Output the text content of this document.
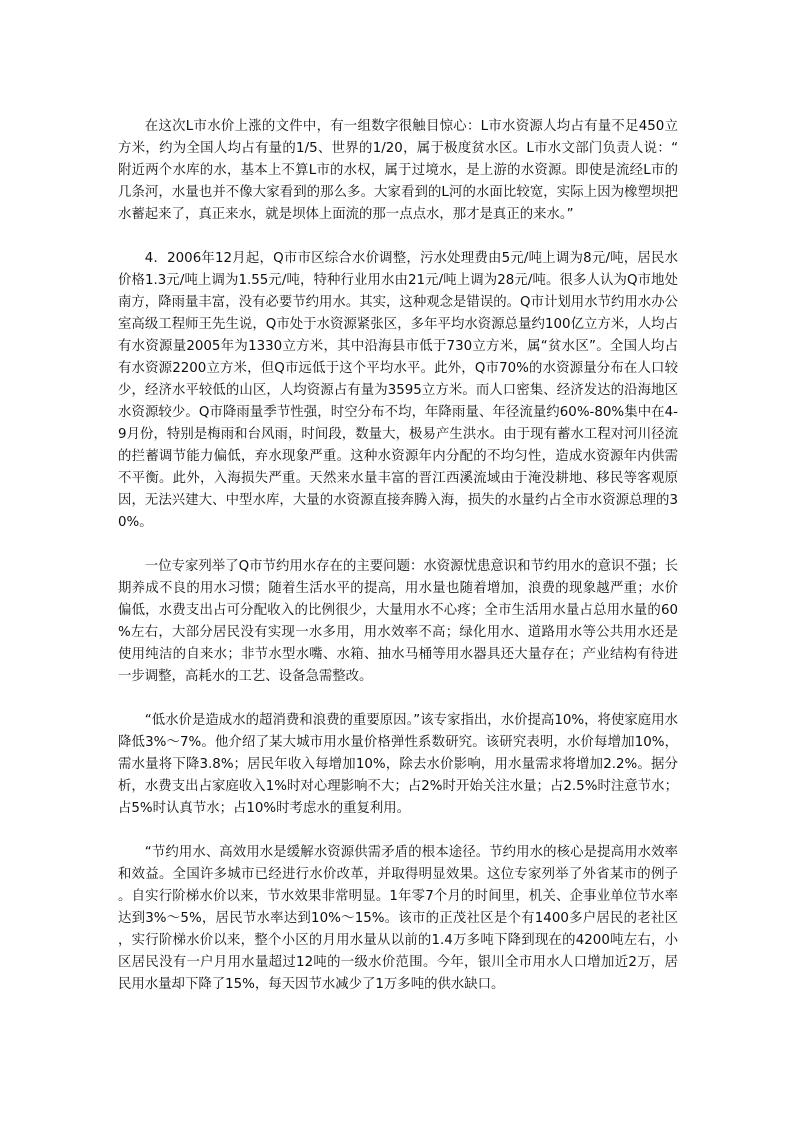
在这次L市水价上涨的文件中，有一组数字很触目惊心：L市水资源人均占有量不足450立方米，约为全国人均占有量的1/5、世界的1/20，属于极度贫水区。L市水文部门负责人说：“附近两个水库的水，基本上不算L市的水权，属于过境水，是上游的水资源。即使是流经L市的几条河，水量也并不像大家看到的那么多。大家看到的L河的水面比较宽，实际上因为橡塑坝把水蓄起来了，真正来水，就是坝体上面流的那一点点水，那才是真正的来水。”

4．2006年12月起，Q市市区综合水价调整，污水处理费由5元/吨上调为8元/吨，居民水价格1.3元/吨上调为1.55元/吨，特种行业用水由21元/吨上调为28元/吨。很多人认为Q市地处南方，降雨量丰富，没有必要节约用水。其实，这种观念是错误的。Q市计划用水节约用水办公室高级工程师王先生说，Q市处于水资源紧张区，多年平均水资源总量约100亿立方米，人均占有水资源量2005年为1330立方米，其中沿海县市低于730立方米，属“贫水区”。全国人均占有水资源2200立方米，但Q市远低于这个平均水平。此外，Q市70%的水资源量分布在人口较少，经济水平较低的山区，人均资源占有量为3595立方米。而人口密集、经济发达的沿海地区水资源较少。Q市降雨量季节性强，时空分布不均，年降雨量、年径流量约60%-80%集中在4-9月份，特别是梅雨和台风雨，时间段，数量大，极易产生洪水。由于现有蓄水工程对河川径流的拦蓄调节能力偏低，弃水现象严重。这种水资源年内分配的不均匀性，造成水资源年内供需不平衡。此外，入海损失严重。天然来水量丰富的晋江西溪流域由于淹没耕地、移民等客观原因，无法兴建大、中型水库，大量的水资源直接奔腾入海，损失的水量约占全市水资源总理的30%。

一位专家列举了Q市节约用水存在的主要问题：水资源忧患意识和节约用水的意识不强；长期养成不良的用水习惯；随着生活水平的提高，用水量也随着增加，浪费的现象越严重；水价偏低，水费支出占可分配收入的比例很少，大量用水不心疼；全市生活用水量占总用水量的60%左右，大部分居民没有实现一水多用，用水效率不高；绿化用水、道路用水等公共用水还是使用纯洁的自来水；非节水型水嘴、水箱、抽水马桶等用水器具还大量存在；产业结构有待进一步调整，高耗水的工艺、设备急需整改。

“低水价是造成水的超消费和浪费的重要原因。”该专家指出，水价提高10%，将使家庭用水降低3%～7%。他介绍了某大城市用水量价格弹性系数研究。该研究表明，水价每增加10%，需水量将下降3.8%；居民年收入每增加10%，除去水价影响，用水量需求将增加2.2%。据分析，水费支出占家庭收入1%时对心理影响不大；占2%时开始关注水量；占2.5%时注意节水；占5%时认真节水；占10%时考虑水的重复利用。

“节约用水、高效用水是缓解水资源供需矛盾的根本途径。节约用水的核心是提高用水效率和效益。全国许多城市已经进行水价改革，并取得明显效果。这位专家列举了外省某市的例子。自实行阶梯水价以来，节水效果非常明显。1年零7个月的时间里，机关、企事业单位节水率达到3%～5%，居民节水率达到10%～15%。该市的正茂社区是个有1400多户居民的老社区，实行阶梯水价以来，整个小区的月用水量从以前的1.4万多吨下降到现在的4200吨左右，小区居民没有一户月用水量超过12吨的一级水价范围。今年，银川全市用水人口增加近2万，居民用水量却下降了15%，每天因节水减少了1万多吨的供水缺口。
